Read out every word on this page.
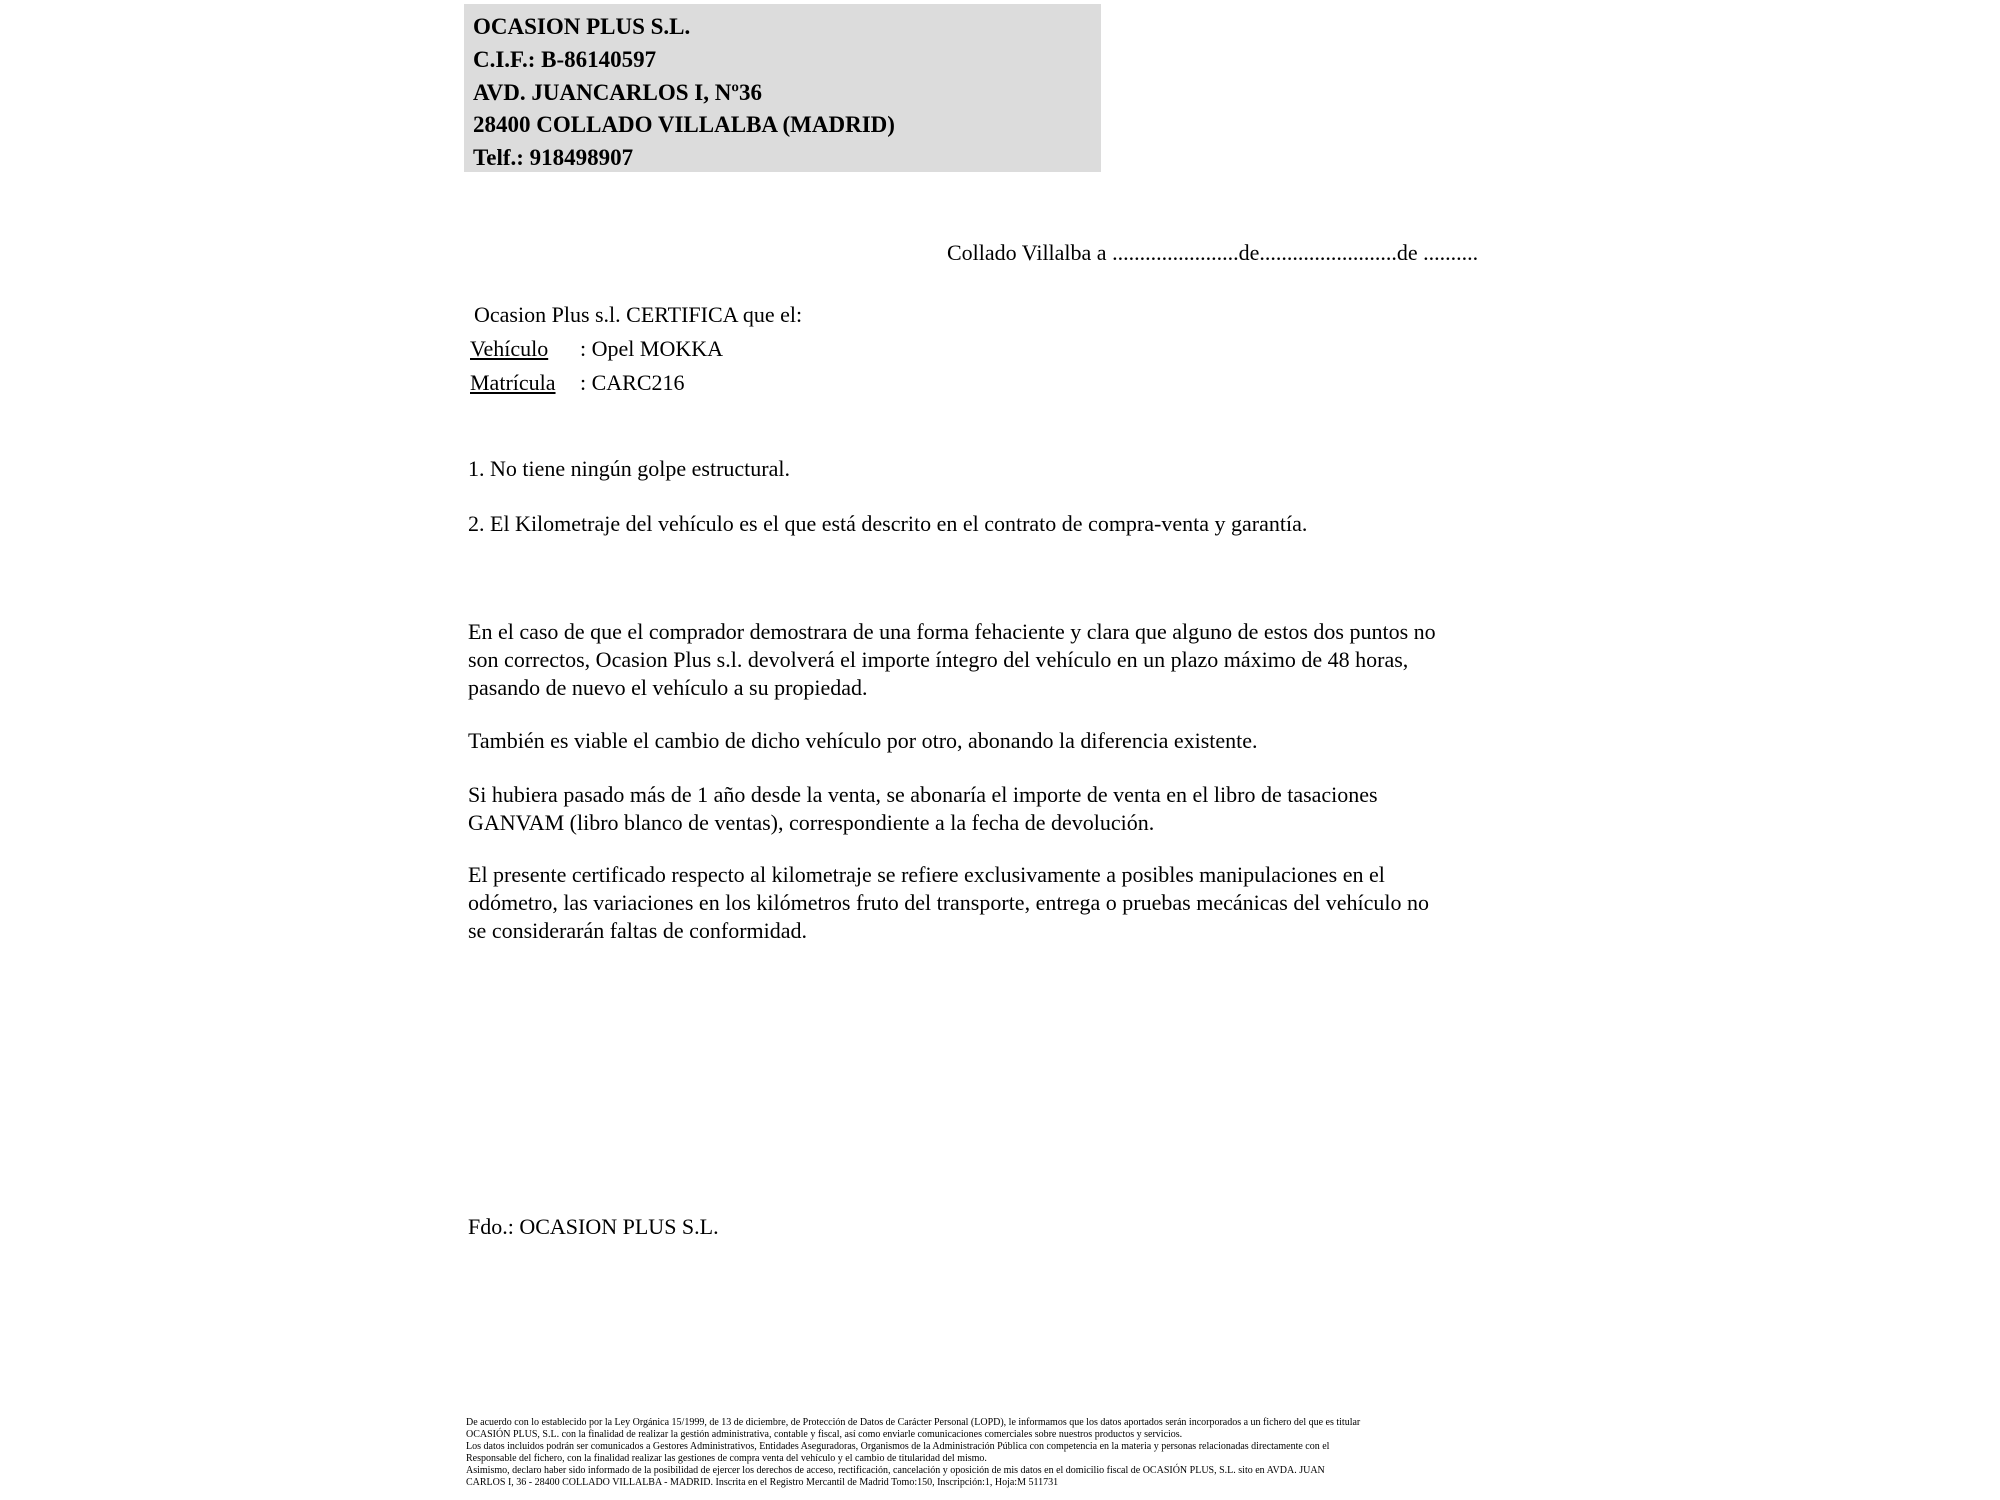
OCASION PLUS S.L.
C.I.F.: B-86140597
AVD. JUANCARLOS I, Nº36
28400 COLLADO VILLALBA (MADRID)
Telf.: 918498907
Collado Villalba a .......................de.........................de ..........
Ocasion Plus s.l. CERTIFICA que el:
Vehículo : Opel MOKKA
Matrícula : CARC216
1. No tiene ningún golpe estructural.
2. El Kilometraje del vehículo es el que está descrito en el contrato de compra-venta y garantía.
En el caso de que el comprador demostrara de una forma fehaciente y clara que alguno de estos dos puntos no
son correctos, Ocasion Plus s.l. devolverá el importe íntegro del vehículo en un plazo máximo de 48 horas,
pasando de nuevo el vehículo a su propiedad.
También es viable el cambio de dicho vehículo por otro, abonando la diferencia existente.
Si hubiera pasado más de 1 año desde la venta, se abonaría el importe de venta en el libro de tasaciones
GANVAM (libro blanco de ventas), correspondiente a la fecha de devolución.
El presente certificado respecto al kilometraje se refiere exclusivamente a posibles manipulaciones en el
odómetro, las variaciones en los kilómetros fruto del transporte, entrega o pruebas mecánicas del vehículo no
se considerarán faltas de conformidad.
Fdo.: OCASION PLUS S.L.
De acuerdo con lo establecido por la Ley Orgánica 15/1999, de 13 de diciembre, de Protección de Datos de Carácter Personal (LOPD), le informamos que los datos aportados serán incorporados a un fichero del que es titular
OCASIÓN PLUS, S.L. con la finalidad de realizar la gestión administrativa, contable y fiscal, así como enviarle comunicaciones comerciales sobre nuestros productos y servicios.
Los datos incluidos podrán ser comunicados a Gestores Administrativos, Entidades Aseguradoras, Organismos de la Administración Pública con competencia en la materia y personas relacionadas directamente con el
Responsable del fichero, con la finalidad realizar las gestiones de compra venta del vehículo y el cambio de titularidad del mismo.
Asimismo, declaro haber sido informado de la posibilidad de ejercer los derechos de acceso, rectificación, cancelación y oposición de mis datos en el domicilio fiscal de OCASIÓN PLUS, S.L. sito en AVDA. JUAN
CARLOS I, 36 - 28400 COLLADO VILLALBA - MADRID. Inscrita en el Registro Mercantil de Madrid Tomo:150, Inscripción:1, Hoja:M 511731
